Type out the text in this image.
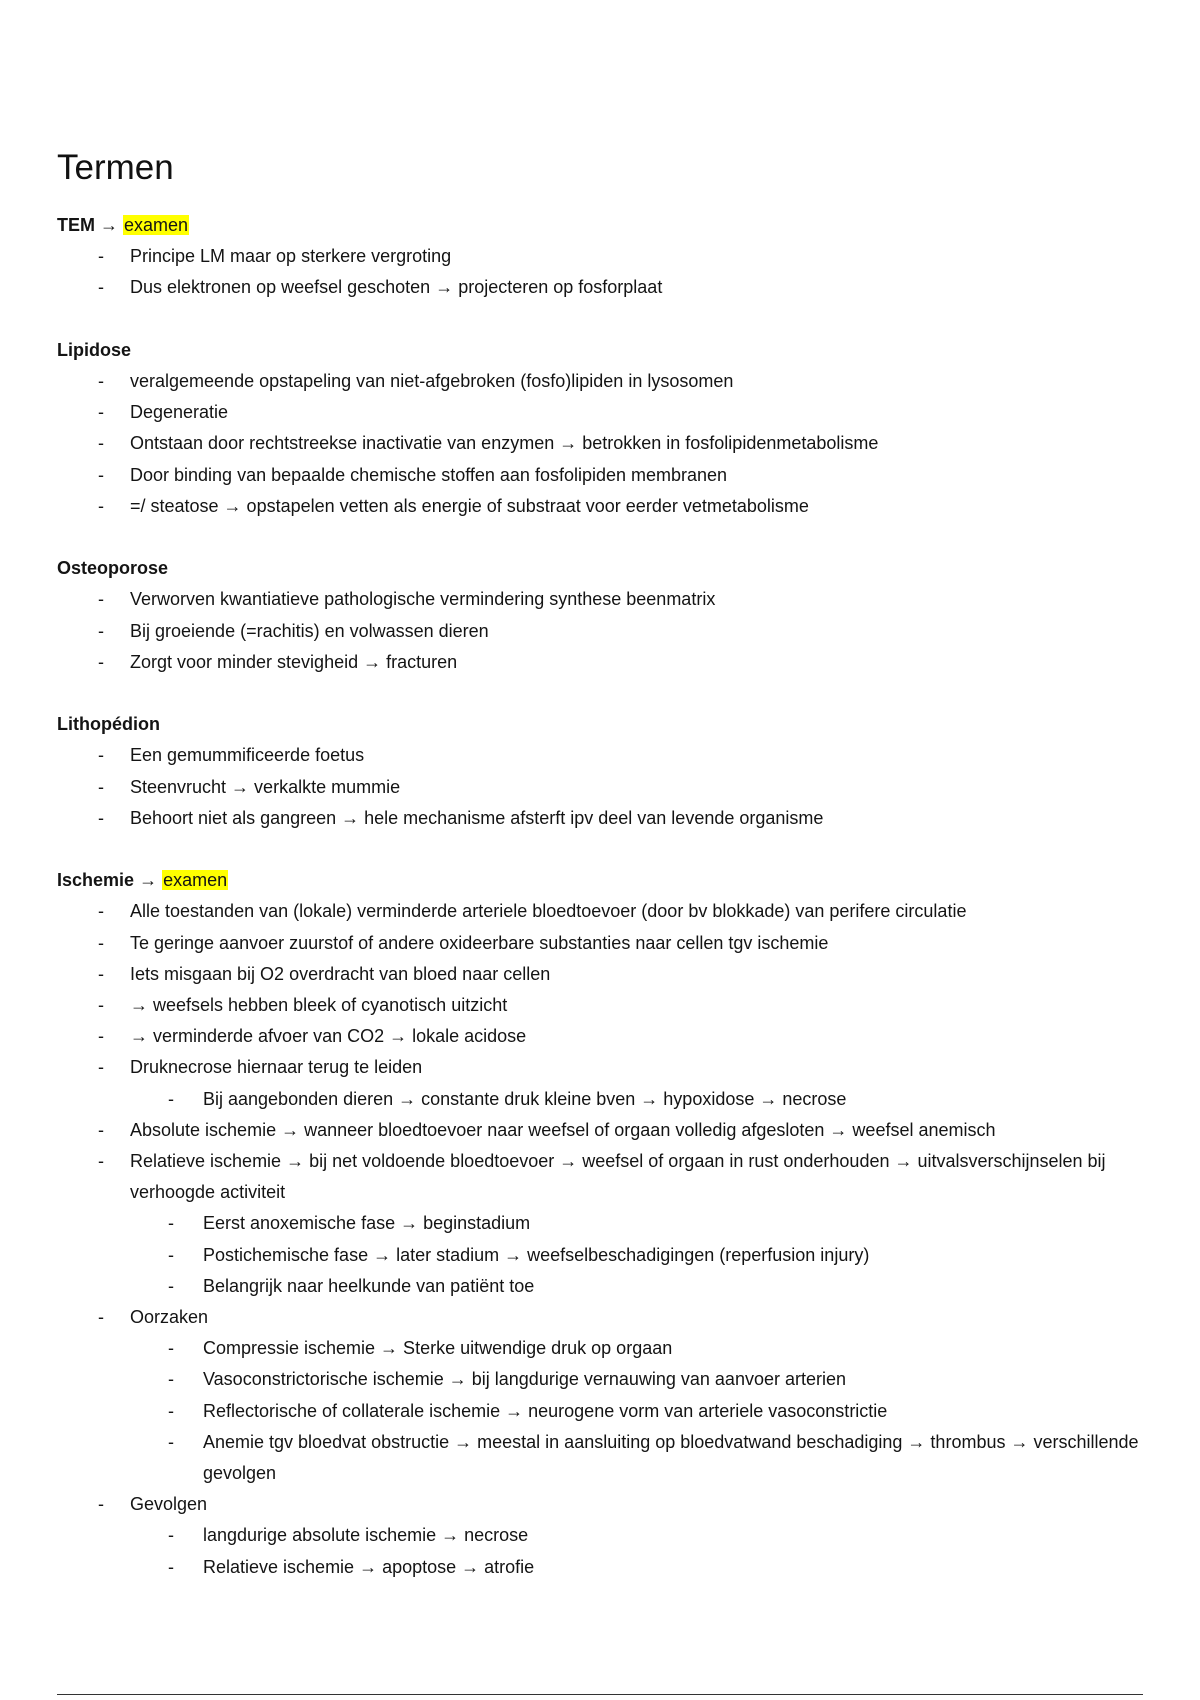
Termen
TEM → examen
- Principe LM maar op sterkere vergroting
- Dus elektronen op weefsel geschoten → projecteren op fosforplaat
Lipidose
- veralgemeende opstapeling van niet-afgebroken (fosfo)lipiden in lysosomen
- Degeneratie
- Ontstaan door rechtstreekse inactivatie van enzymen → betrokken in fosfolipidenmetabolisme
- Door binding van bepaalde chemische stoffen aan fosfolipiden membranen
- =/ steatose → opstapelen vetten als energie of substraat voor eerder vetmetabolisme
Osteoporose
- Verworven kwantiatieve pathologische vermindering synthese beenmatrix
- Bij groeiende (=rachitis) en volwassen dieren
- Zorgt voor minder stevigheid → fracturen
Lithopédion
- Een gemummificeerde foetus
- Steenvrucht → verkalkte mummie
- Behoort niet als gangreen → hele mechanisme afsterft ipv deel van levende organisme
Ischemie → examen
- Alle toestanden van (lokale) verminderde arteriele bloedtoevoer (door bv blokkade) van perifere circulatie
- Te geringe aanvoer zuurstof of andere oxideerbare substanties naar cellen tgv ischemie
- Iets misgaan bij O2 overdracht van bloed naar cellen
- → weefsels hebben bleek of cyanotisch uitzicht
- → verminderde afvoer van CO2 → lokale acidose
- Druknecrose hiernaar terug te leiden
- Bij aangebonden dieren → constante druk kleine bven → hypoxidose → necrose
- Absolute ischemie → wanneer bloedtoevoer naar weefsel of orgaan volledig afgesloten → weefsel anemisch
- Relatieve ischemie → bij net voldoende bloedtoevoer → weefsel of orgaan in rust onderhouden → uitvalsverschijnselen bij verhoogde activiteit
- Eerst anoxemische fase → beginstadium
- Postichemische fase → later stadium → weefselbeschadigingen (reperfusion injury)
- Belangrijk naar heelkunde van patiënt toe
- Oorzaken
- Compressie ischemie → Sterke uitwendige druk op orgaan
- Vasoconstrictorische ischemie → bij langdurige vernauwing van aanvoer arterien
- Reflectorische of collaterale ischemie → neurogene vorm van arteriele vasoconstrictie
- Anemie tgv bloedvat obstructie → meestal in aansluiting op bloedvatwand beschadiging → thrombus → verschillende gevolgen
- Gevolgen
- langdurige absolute ischemie → necrose
- Relatieve ischemie → apoptose → atrofie
